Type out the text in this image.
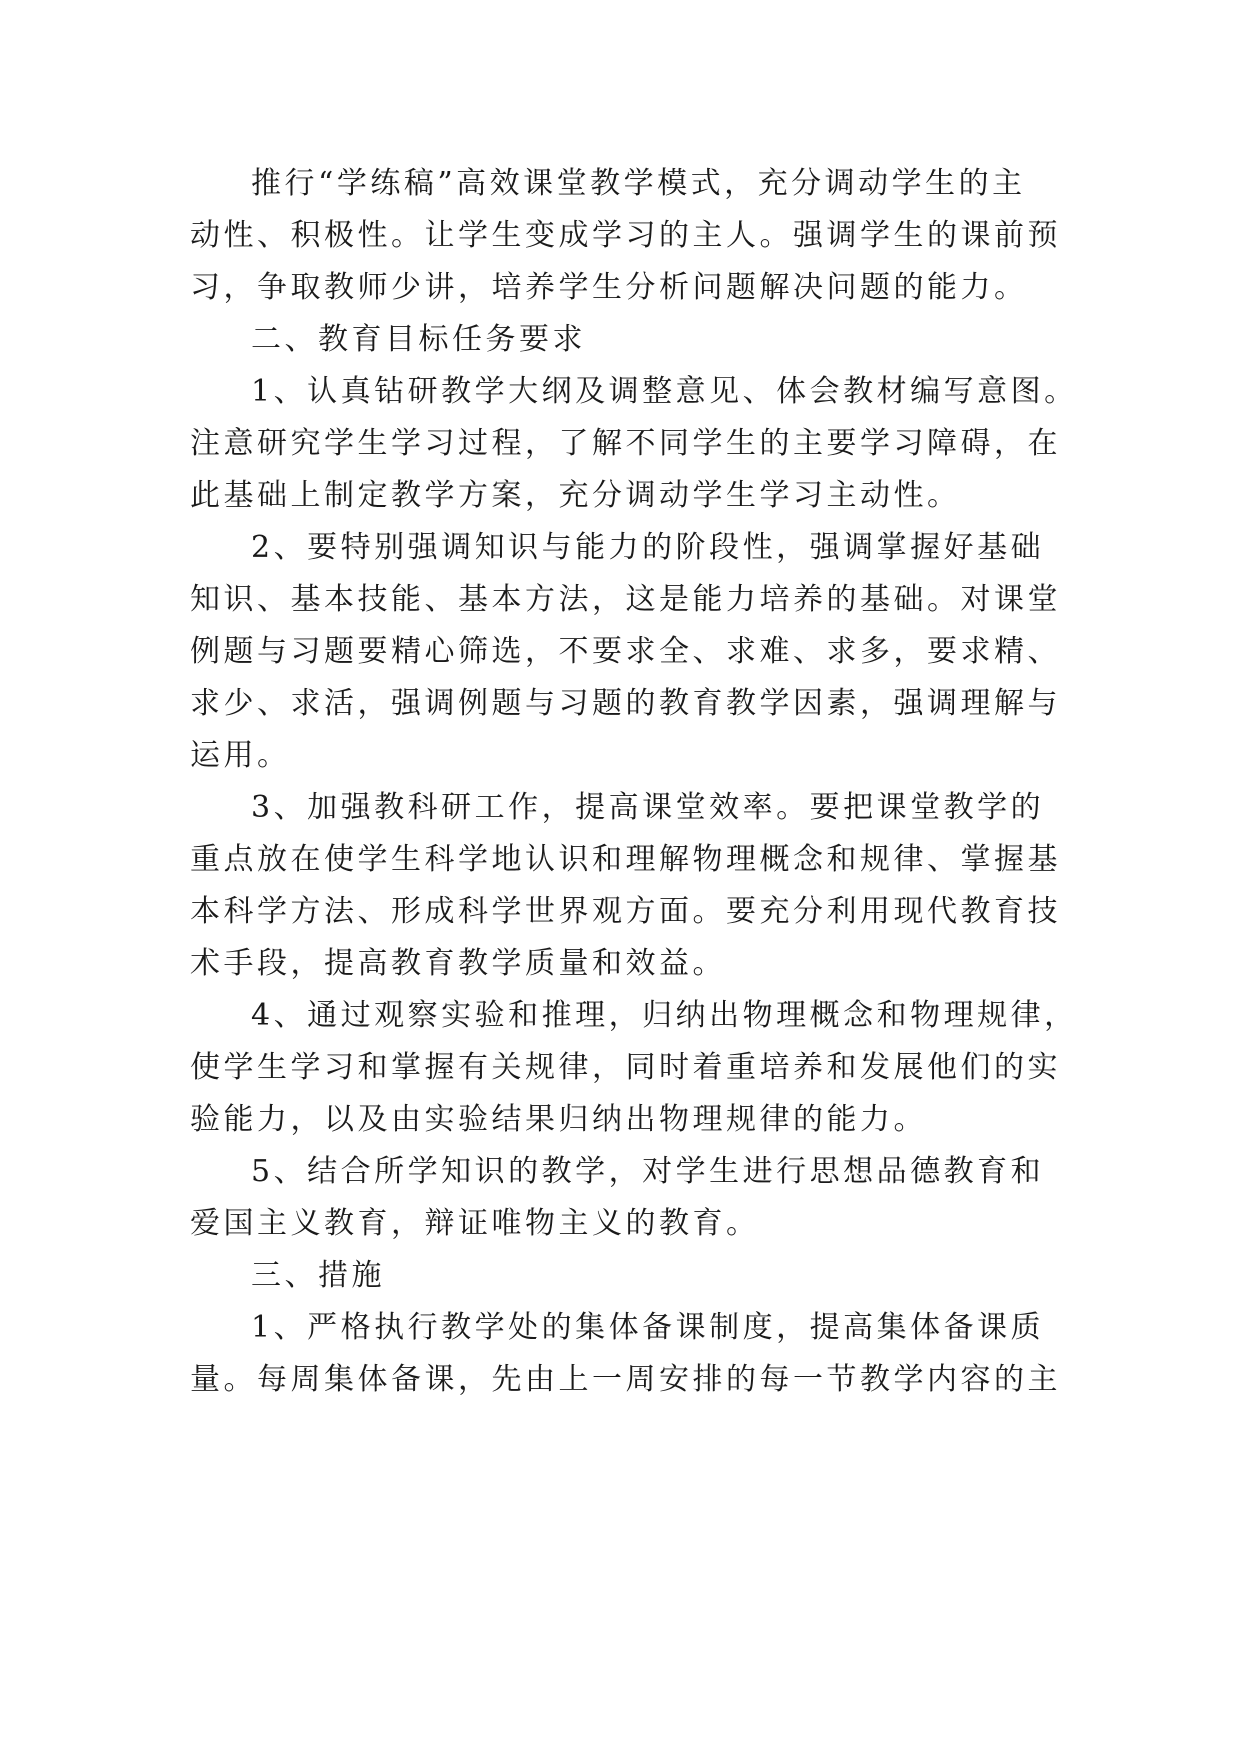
推行“学练稿”高效课堂教学模式，充分调动学生的主
动性、积极性。让学生变成学习的主人。强调学生的课前预
习，争取教师少讲，培养学生分析问题解决问题的能力。
二、教育目标任务要求
1、认真钻研教学大纲及调整意见、体会教材编写意图。
注意研究学生学习过程，了解不同学生的主要学习障碍，在
此基础上制定教学方案，充分调动学生学习主动性。
2、要特别强调知识与能力的阶段性，强调掌握好基础
知识、基本技能、基本方法，这是能力培养的基础。对课堂
例题与习题要精心筛选，不要求全、求难、求多，要求精、
求少、求活，强调例题与习题的教育教学因素，强调理解与
运用。
3、加强教科研工作，提高课堂效率。要把课堂教学的
重点放在使学生科学地认识和理解物理概念和规律、掌握基
本科学方法、形成科学世界观方面。要充分利用现代教育技
术手段，提高教育教学质量和效益。
4、通过观察实验和推理，归纳出物理概念和物理规律，
使学生学习和掌握有关规律，同时着重培养和发展他们的实
验能力，以及由实验结果归纳出物理规律的能力。
5、结合所学知识的教学，对学生进行思想品德教育和
爱国主义教育，辩证唯物主义的教育。
三、措施
1、严格执行教学处的集体备课制度，提高集体备课质
量。每周集体备课，先由上一周安排的每一节教学内容的主
